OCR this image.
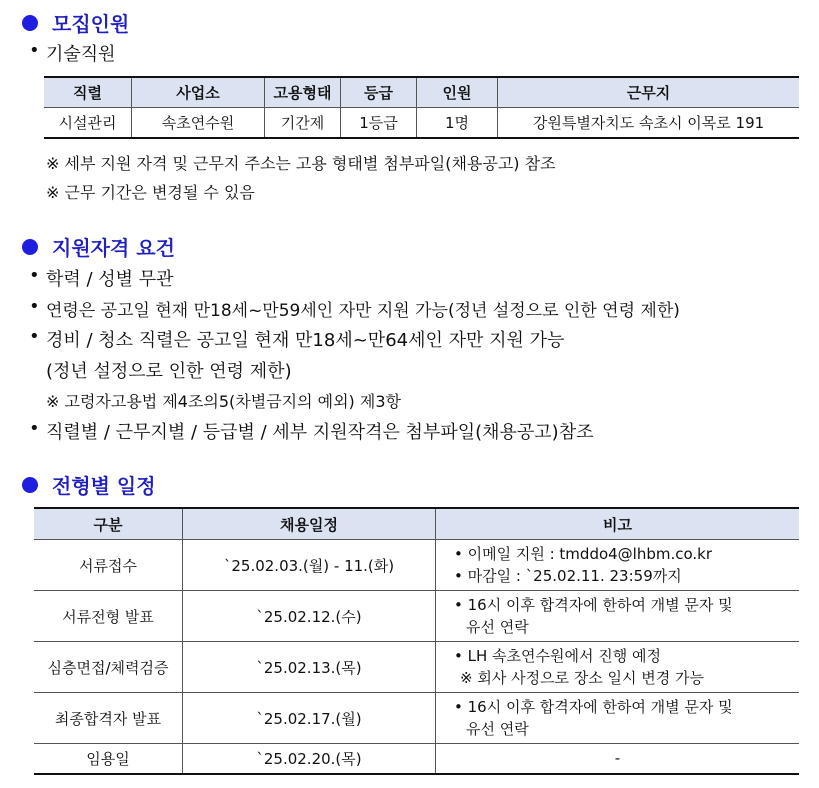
모집인원
• 기술직원
직렬	사업소	고용형태	등급	인원	근무지
시설관리	속초연수원	기간제	1등급	1명	강원특별자치도 속초시 이목로 191
※ 세부 지원 자격 및 근무지 주소는 고용 형태별 첨부파일(채용공고) 참조
※ 근무 기간은 변경될 수 있음
지원자격 요건
• 학력 / 성별 무관
• 연령은 공고일 현재 만18세~만59세인 자만 지원 가능(정년 설정으로 인한 연령 제한)
• 경비 / 청소 직렬은 공고일 현재 만18세~만64세인 자만 지원 가능
(정년 설정으로 인한 연령 제한)
※ 고령자고용법 제4조의5(차별금지의 예외) 제3항
• 직렬별 / 근무지별 / 등급별 / 세부 지원작격은 첨부파일(채용공고)참조
전형별 일정
구분	채용일정	비고
서류접수	`25.02.03.(월) - 11.(화)	• 이메일 지원 : tmddo4@lhbm.co.kr
• 마감일 : `25.02.11. 23:59까지

서류전형 발표	`25.02.12.(수)	• 16시 이후 합격자에 한하여 개별 문자 및
유선 연락

심층면접/체력검증	`25.02.13.(목)	• LH 속초연수원에서 진행 예정
※ 회사 사정으로 장소 일시 변경 가능

최종합격자 발표	`25.02.17.(월)	• 16시 이후 합격자에 한하여 개별 문자 및
유선 연락

임용일	`25.02.20.(목)	-
